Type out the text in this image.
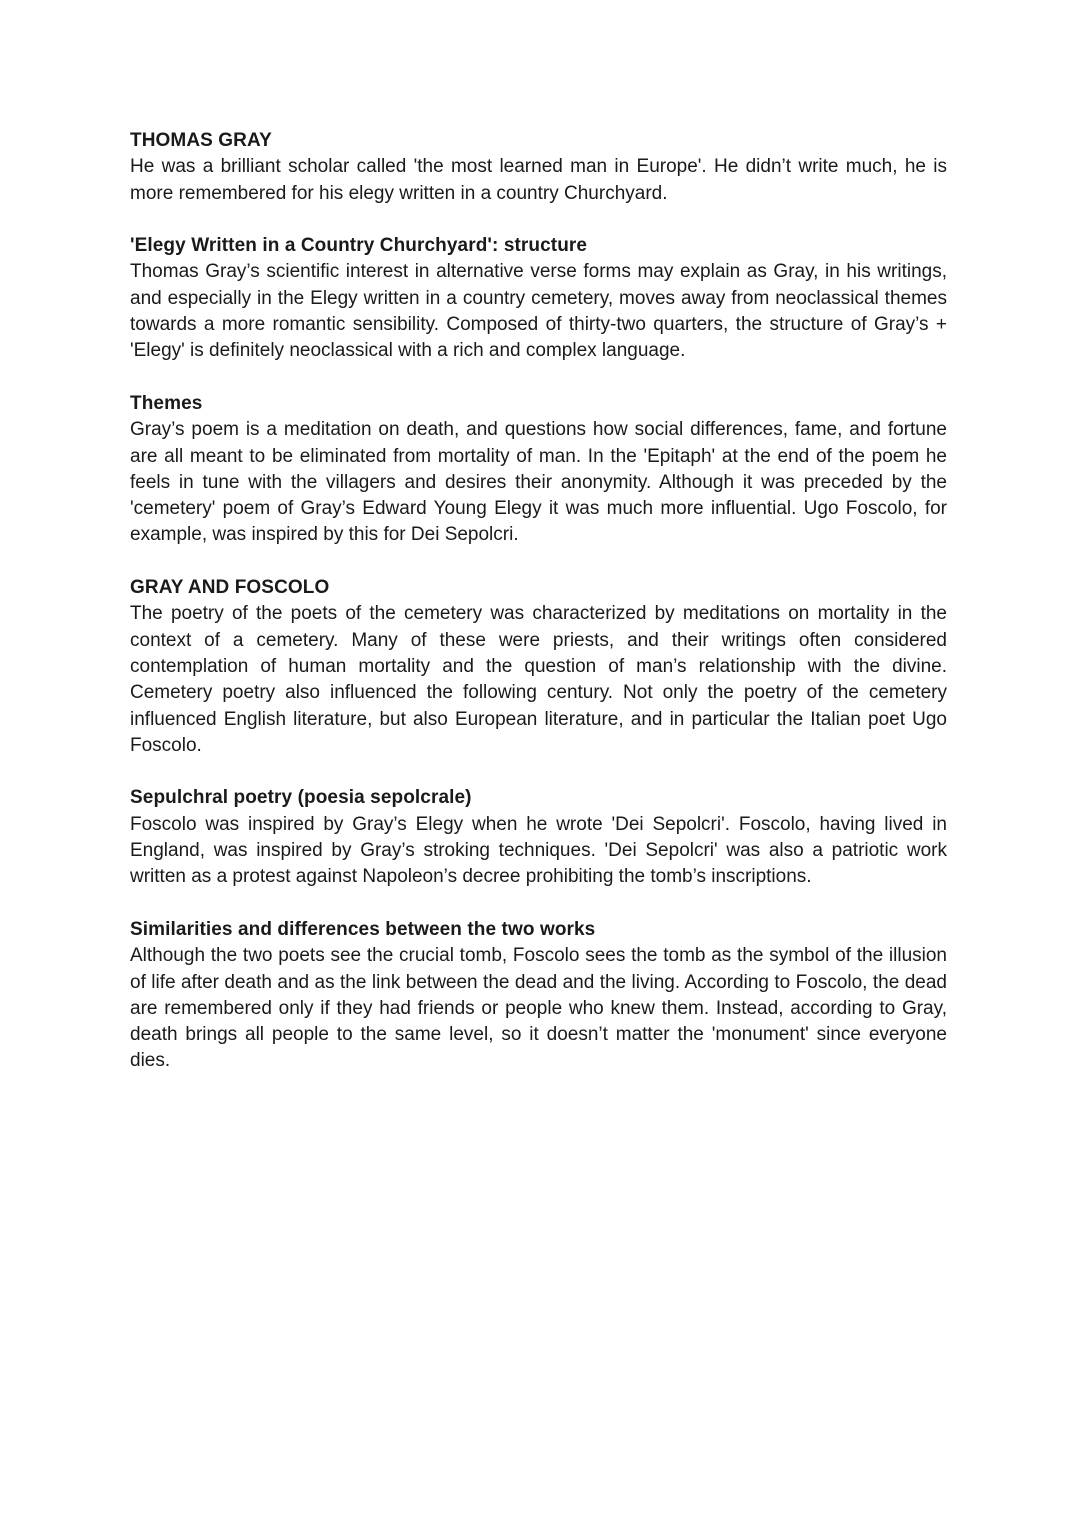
THOMAS GRAY

He was a brilliant scholar called 'the most learned man in Europe'. He didn’t write much, he is more remembered for his elegy written in a country Churchyard.

'Elegy Written in a Country Churchyard': structure

Thomas Gray’s scientific interest in alternative verse forms may explain as Gray, in his writings, and especially in the Elegy written in a country cemetery, moves away from neoclassical themes towards a more romantic sensibility. Composed of thirty-two quarters, the structure of Gray’s + 'Elegy' is definitely neoclassical with a rich and complex language.

Themes

Gray’s poem is a meditation on death, and questions how social differences, fame, and fortune are all meant to be eliminated from mortality of man. In the 'Epitaph' at the end of the poem he feels in tune with the villagers and desires their anonymity. Although it was preceded by the 'cemetery' poem of Gray’s Edward Young Elegy it was much more influential. Ugo Foscolo, for example, was inspired by this for Dei Sepolcri.

GRAY AND FOSCOLO

The poetry of the poets of the cemetery was characterized by meditations on mortality in the context of a cemetery. Many of these were priests, and their writings often considered contemplation of human mortality and the question of man’s relationship with the divine. Cemetery poetry also influenced the following century. Not only the poetry of the cemetery influenced English literature, but also European literature, and in particular the Italian poet Ugo Foscolo.

Sepulchral poetry (poesia sepolcrale)

Foscolo was inspired by Gray’s Elegy when he wrote 'Dei Sepolcri'. Foscolo, having lived in England, was inspired by Gray’s stroking techniques. 'Dei Sepolcri' was also a patriotic work written as a protest against Napoleon’s decree prohibiting the tomb’s inscriptions.

Similarities and differences between the two works

Although the two poets see the crucial tomb, Foscolo sees the tomb as the symbol of the illusion of life after death and as the link between the dead and the living. According to Foscolo, the dead are remembered only if they had friends or people who knew them. Instead, according to Gray, death brings all people to the same level, so it doesn’t matter the 'monument' since everyone dies.
